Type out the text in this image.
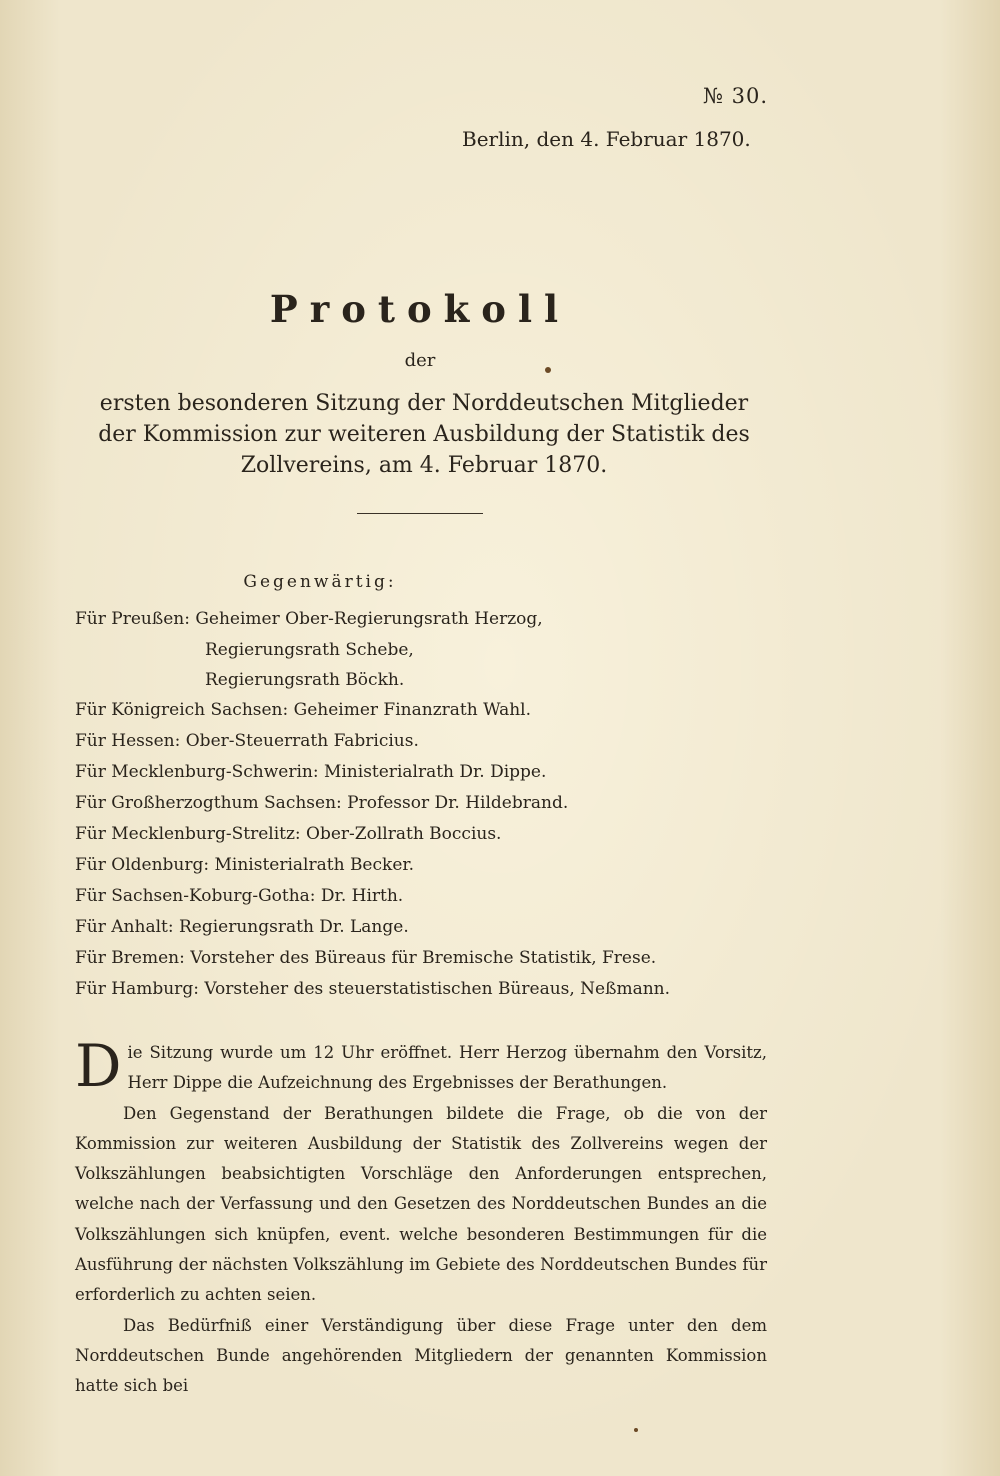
№ 30.
Berlin, den 4. Februar 1870.
Protokoll
der
ersten besonderen Sitzung der Norddeutschen Mitglieder der Kommission zur weiteren Ausbildung der Statistik des Zollvereins, am 4. Februar 1870.
Gegenwärtig:
Für Preußen: Geheimer Ober-Regierungsrath Herzog,
Regierungsrath Schebe,
Regierungsrath Böckh.
Für Königreich Sachsen: Geheimer Finanzrath Wahl.
Für Hessen: Ober-Steuerrath Fabricius.
Für Mecklenburg-Schwerin: Ministerialrath Dr. Dippe.
Für Großherzogthum Sachsen: Professor Dr. Hildebrand.
Für Mecklenburg-Strelitz: Ober-Zollrath Boccius.
Für Oldenburg: Ministerialrath Becker.
Für Sachsen-Koburg-Gotha: Dr. Hirth.
Für Anhalt: Regierungsrath Dr. Lange.
Für Bremen: Vorsteher des Büreaus für Bremische Statistik, Frese.
Für Hamburg: Vorsteher des steuerstatistischen Büreaus, Neßmann.

Die Sitzung wurde um 12 Uhr eröffnet. Herr Herzog übernahm den Vorsitz, Herr Dippe die Aufzeichnung des Ergebnisses der Berathungen.

Den Gegenstand der Berathungen bildete die Frage, ob die von der Kommission zur weiteren Ausbildung der Statistik des Zollvereins wegen der Volkszählungen beabsichtigten Vorschläge den Anforderungen entsprechen, welche nach der Verfassung und den Gesetzen des Norddeutschen Bundes an die Volkszählungen sich knüpfen, event. welche besonderen Bestimmungen für die Ausführung der nächsten Volkszählung im Gebiete des Norddeutschen Bundes für erforderlich zu achten seien.

Das Bedürfniß einer Verständigung über diese Frage unter den dem Norddeutschen Bunde angehörenden Mitgliedern der genannten Kommission hatte sich bei
